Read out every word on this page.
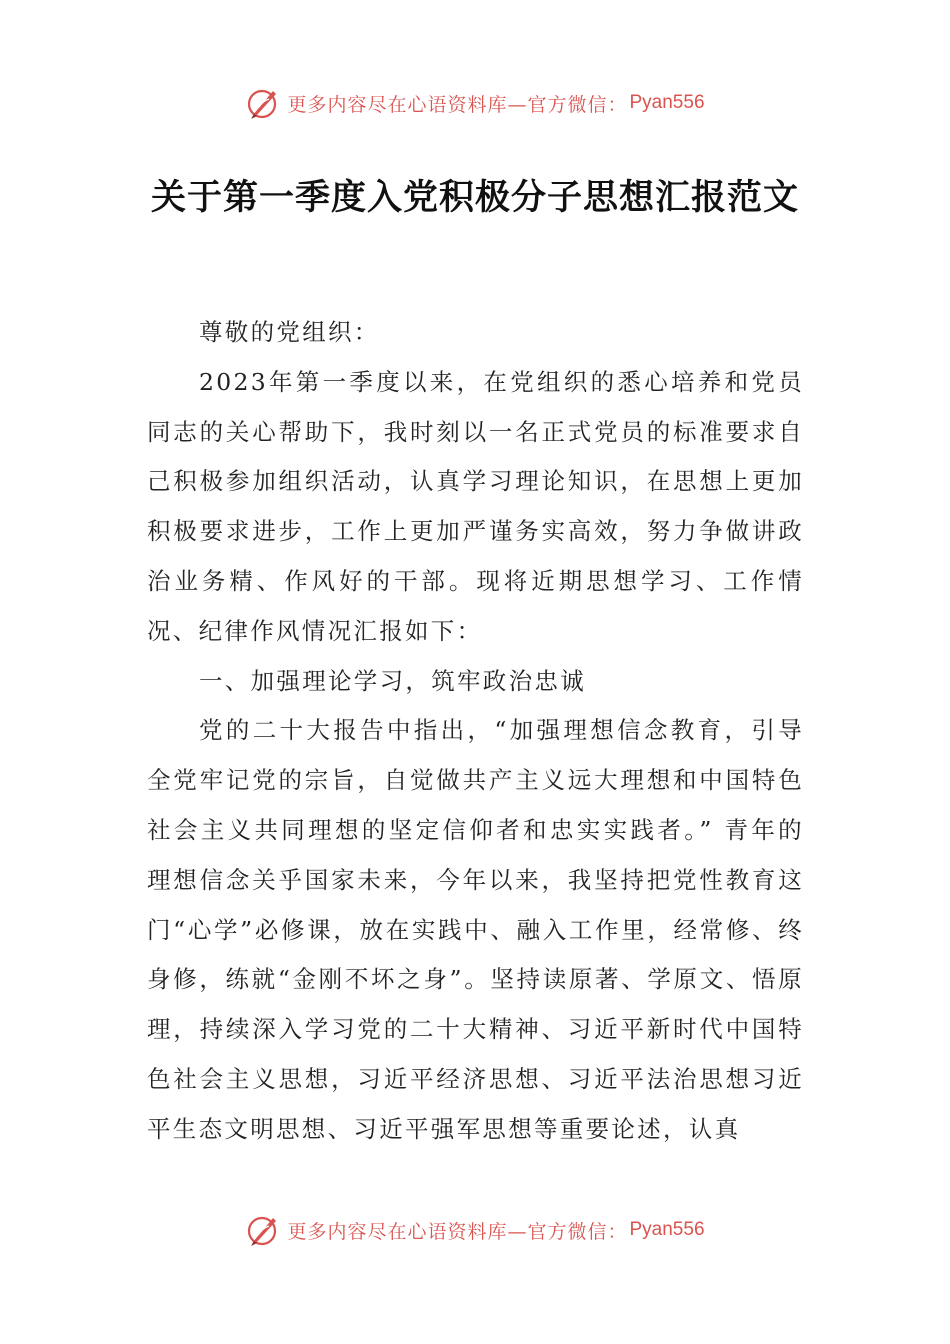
更多内容尽在心语资料库—官方微信： Pyan556
关于第一季度入党积极分子思想汇报范文

尊敬的党组织：

2023年第一季度以来，在党组织的悉心培养和党员同志的关心帮助下，我时刻以一名正式党员的标准要求自己积极参加组织活动，认真学习理论知识，在思想上更加积极要求进步，工作上更加严谨务实高效，努力争做讲政治业务精、作风好的干部。现将近期思想学习、工作情况、纪律作风情况汇报如下：

一、加强理论学习，筑牢政治忠诚

党的二十大报告中指出，“加强理想信念教育，引导全党牢记党的宗旨，自觉做共产主义远大理想和中国特色社会主义共同理想的坚定信仰者和忠实实践者。” 青年的理想信念关乎国家未来，今年以来，我坚持把党性教育这门“心学”必修课，放在实践中、融入工作里，经常修、终身修，练就“金刚不坏之身”。坚持读原著、学原文、悟原理，持续深入学习党的二十大精神、习近平新时代中国特色社会主义思想，习近平经济思想、习近平法治思想习近平生态文明思想、习近平强军思想等重要论述，认真

更多内容尽在心语资料库—官方微信： Pyan556
